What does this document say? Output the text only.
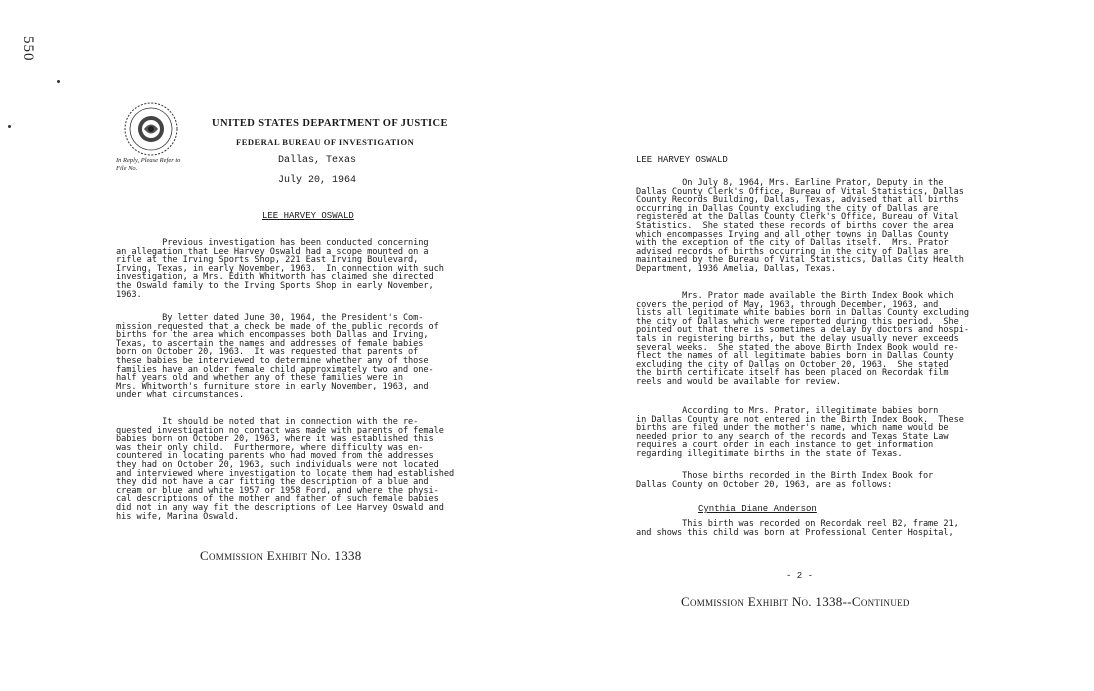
550
UNITED STATES DEPARTMENT OF JUSTICE
FEDERAL BUREAU OF INVESTIGATION
In Reply, Please Refer to
File No.
Dallas, Texas
July 20, 1964
LEE HARVEY OSWALD
Previous investigation has been conducted concerning
an allegation that Lee Harvey Oswald had a scope mounted on a
rifle at the Irving Sports Shop, 221 East Irving Boulevard,
Irving, Texas, in early November, 1963.  In connection with such
investigation, a Mrs. Edith Whitworth has claimed she directed
the Oswald family to the Irving Sports Shop in early November,
1963.
By letter dated June 30, 1964, the President's Com-
mission requested that a check be made of the public records of
births for the area which encompasses both Dallas and Irving,
Texas, to ascertain the names and addresses of female babies
born on October 20, 1963.  It was requested that parents of
these babies be interviewed to determine whether any of those
families have an older female child approximately two and one-
half years old and whether any of these families were in
Mrs. Whitworth's furniture store in early November, 1963, and
under what circumstances.
It should be noted that in connection with the re-
quested investigation no contact was made with parents of female
babies born on October 20, 1963, where it was established this
was their only child.  Furthermore, where difficulty was en-
countered in locating parents who had moved from the addresses
they had on October 20, 1963, such individuals were not located
and interviewed where investigation to locate them had established
they did not have a car fitting the description of a blue and
cream or blue and white 1957 or 1958 Ford, and where the physi-
cal descriptions of the mother and father of such female babies
did not in any way fit the descriptions of Lee Harvey Oswald and
his wife, Marina Oswald.
Commission Exhibit No. 1338
LEE HARVEY OSWALD
On July 8, 1964, Mrs. Earline Prator, Deputy in the
Dallas County Clerk's Office, Bureau of Vital Statistics, Dallas
County Records Building, Dallas, Texas, advised that all births
occurring in Dallas County excluding the city of Dallas are
registered at the Dallas County Clerk's Office, Bureau of Vital
Statistics.  She stated these records of births cover the area
which encompasses Irving and all other towns in Dallas County
with the exception of the city of Dallas itself.  Mrs. Prator
advised records of births occurring in the city of Dallas are
maintained by the Bureau of Vital Statistics, Dallas City Health
Department, 1936 Amelia, Dallas, Texas.
Mrs. Prator made available the Birth Index Book which
covers the period of May, 1963, through December, 1963, and
lists all legitimate white babies born in Dallas County excluding
the city of Dallas which were reported during this period.  She
pointed out that there is sometimes a delay by doctors and hospi-
tals in registering births, but the delay usually never exceeds
several weeks.  She stated the above Birth Index Book would re-
flect the names of all legitimate babies born in Dallas County
excluding the city of Dallas on October 20, 1963.  She stated
the birth certificate itself has been placed on Recordak film
reels and would be available for review.
According to Mrs. Prator, illegitimate babies born
in Dallas County are not entered in the Birth Index Book.  These
births are filed under the mother's name, which name would be
needed prior to any search of the records and Texas State Law
requires a court order in each instance to get information
regarding illegitimate births in the state of Texas.
Those births recorded in the Birth Index Book for
Dallas County on October 20, 1963, are as follows:
Cynthia Diane Anderson
This birth was recorded on Recordak reel B2, frame 21,
and shows this child was born at Professional Center Hospital,
- 2 -
Commission Exhibit No. 1338--Continued
